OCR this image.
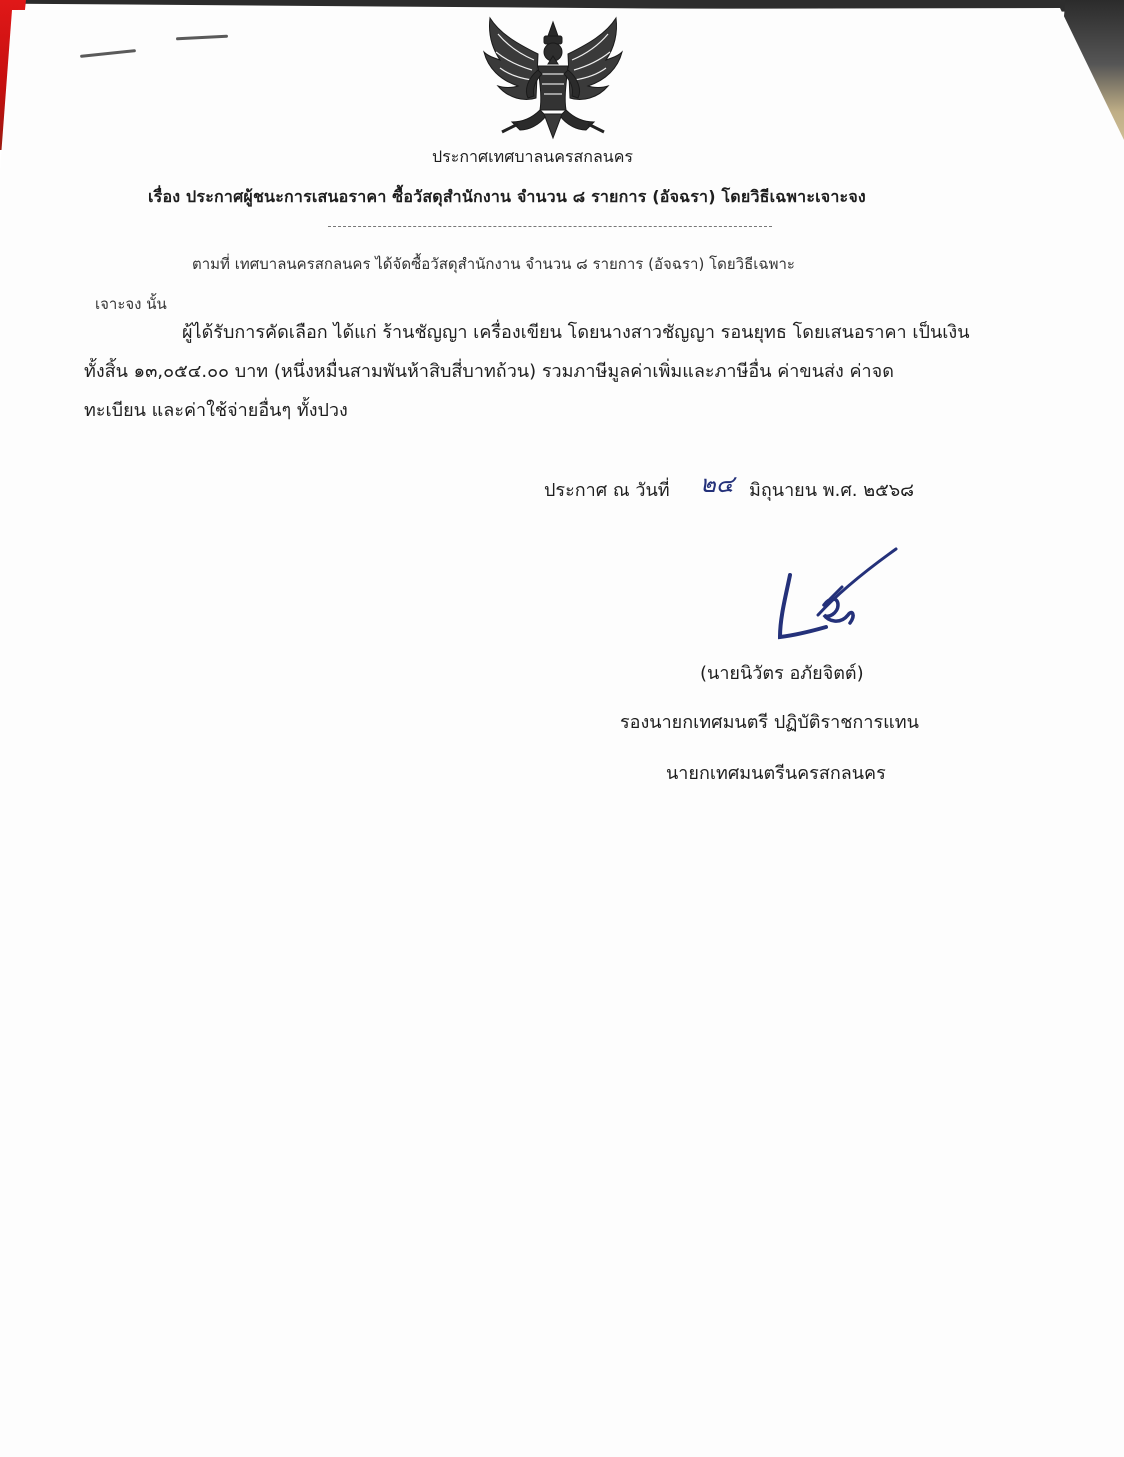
ประกาศเทศบาลนครสกลนคร
เรื่อง ประกาศผู้ชนะการเสนอราคา ซื้อวัสดุสำนักงาน จำนวน ๘ รายการ (อัจฉรา) โดยวิธีเฉพาะเจาะจง
ตามที่ เทศบาลนครสกลนคร ได้จัดซื้อวัสดุสำนักงาน จำนวน ๘ รายการ (อัจฉรา) โดยวิธีเฉพาะ
เจาะจง นั้น
ผู้ได้รับการคัดเลือก ได้แก่ ร้านชัญญา เครื่องเขียน โดยนางสาวชัญญา รอนยุทธ โดยเสนอราคา เป็นเงิน
ทั้งสิ้น ๑๓,๐๕๔.๐๐ บาท (หนึ่งหมื่นสามพันห้าสิบสี่บาทถ้วน) รวมภาษีมูลค่าเพิ่มและภาษีอื่น ค่าขนส่ง ค่าจด
ทะเบียน และค่าใช้จ่ายอื่นๆ ทั้งปวง
ประกาศ ณ วันที่ ๒๔ มิถุนายน พ.ศ. ๒๕๖๘
(นายนิวัตร อภัยจิตต์)
รองนายกเทศมนตรี ปฏิบัติราชการแทน
นายกเทศมนตรีนครสกลนคร
